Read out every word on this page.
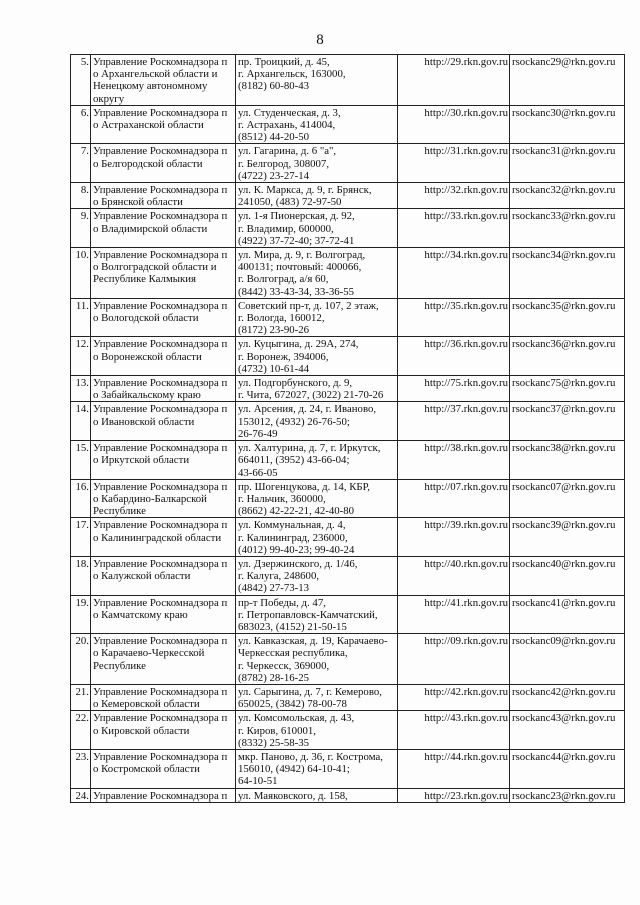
8
5.	Управление Роскомнадзора п
о Архангельской области и
Ненецкому автономному
округу	пр. Троицкий, д. 45,
г. Архангельск, 163000,
(8182) 60-80-43	http://29.rkn.gov.ru	rsockanc29@rkn.gov.ru
6.	Управление Роскомнадзора п
о Астраханской области	ул. Студенческая, д. 3,
г. Астрахань, 414004,
(8512) 44-20-50	http://30.rkn.gov.ru	rsockanc30@rkn.gov.ru
7.	Управление Роскомнадзора п
о Белгородской области	ул. Гагарина, д. 6 "а",
г. Белгород, 308007,
(4722) 23-27-14	http://31.rkn.gov.ru	rsockanc31@rkn.gov.ru
8.	Управление Роскомнадзора п
о Брянской области	ул. К. Маркса, д. 9, г. Брянск,
241050, (483) 72-97-50	http://32.rkn.gov.ru	rsockanc32@rkn.gov.ru
9.	Управление Роскомнадзора п
о Владимирской области	ул. 1-я Пионерская, д. 92,
г. Владимир, 600000,
(4922) 37-72-40; 37-72-41	http://33.rkn.gov.ru	rsockanc33@rkn.gov.ru
10.	Управление Роскомнадзора п
о Волгоградской области и
Республике Калмыкия	ул. Мира, д. 9, г. Волгоград,
400131; почтовый: 400066,
г. Волгоград, а/я 60,
(8442) 33-43-34, 33-36-55	http://34.rkn.gov.ru	rsockanc34@rkn.gov.ru
11.	Управление Роскомнадзора п
о Вологодской области	Советский пр-т, д. 107, 2 этаж,
г. Вологда, 160012,
(8172) 23-90-26	http://35.rkn.gov.ru	rsockanc35@rkn.gov.ru
12.	Управление Роскомнадзора п
о Воронежской области	ул. Куцыгина, д. 29А, 274,
г. Воронеж, 394006,
(4732) 10-61-44	http://36.rkn.gov.ru	rsockanc36@rkn.gov.ru
13.	Управление Роскомнадзора п
о Забайкальскому краю	ул. Подгорбунского, д. 9,
г. Чита, 672027, (3022) 21-70-26	http://75.rkn.gov.ru	rsockanc75@rkn.gov.ru
14.	Управление Роскомнадзора п
о Ивановской области	ул. Арсения, д. 24, г. Иваново,
153012, (4932) 26-76-50;
26-76-49	http://37.rkn.gov.ru	rsockanc37@rkn.gov.ru
15.	Управление Роскомнадзора п
о Иркутской области	ул. Халтурина, д. 7, г. Иркутск,
664011, (3952) 43-66-04;
43-66-05	http://38.rkn.gov.ru	rsockanc38@rkn.gov.ru
16.	Управление Роскомнадзора п
о Кабардино-Балкарской
Республике	пр. Шогенцукова, д. 14, КБР,
г. Нальчик, 360000,
(8662) 42-22-21, 42-40-80	http://07.rkn.gov.ru	rsockanc07@rkn.gov.ru
17.	Управление Роскомнадзора п
о Калининградской области	ул. Коммунальная, д. 4,
г. Калининград, 236000,
(4012) 99-40-23; 99-40-24	http://39.rkn.gov.ru	rsockanc39@rkn.gov.ru
18.	Управление Роскомнадзора п
о Калужской области	ул. Дзержинского, д. 1/46,
г. Калуга, 248600,
(4842) 27-73-13	http://40.rkn.gov.ru	rsockanc40@rkn.gov.ru
19.	Управление Роскомнадзора п
о Камчатскому краю	пр-т Победы, д. 47,
г. Петропавловск-Камчатский,
683023, (4152) 21-50-15	http://41.rkn.gov.ru	rsockanc41@rkn.gov.ru
20.	Управление Роскомнадзора п
о Карачаево-Черкесской
Республике	ул. Кавказская, д. 19, Карачаево-
Черкесская республика,
г. Черкесск, 369000,
(8782) 28-16-25	http://09.rkn.gov.ru	rsockanc09@rkn.gov.ru
21.	Управление Роскомнадзора п
о Кемеровской области	ул. Сарыгина, д. 7, г. Кемерово,
650025, (3842) 78-00-78	http://42.rkn.gov.ru	rsockanc42@rkn.gov.ru
22.	Управление Роскомнадзора п
о Кировской области	ул. Комсомольская, д. 43,
г. Киров, 610001,
(8332) 25-58-35	http://43.rkn.gov.ru	rsockanc43@rkn.gov.ru
23.	Управление Роскомнадзора п
о Костромской области	мкр. Паново, д. 36, г. Кострома,
156010, (4942) 64-10-41;
64-10-51	http://44.rkn.gov.ru	rsockanc44@rkn.gov.ru
24.	Управление Роскомнадзора п	ул. Маяковского, д. 158,	http://23.rkn.gov.ru	rsockanc23@rkn.gov.ru
